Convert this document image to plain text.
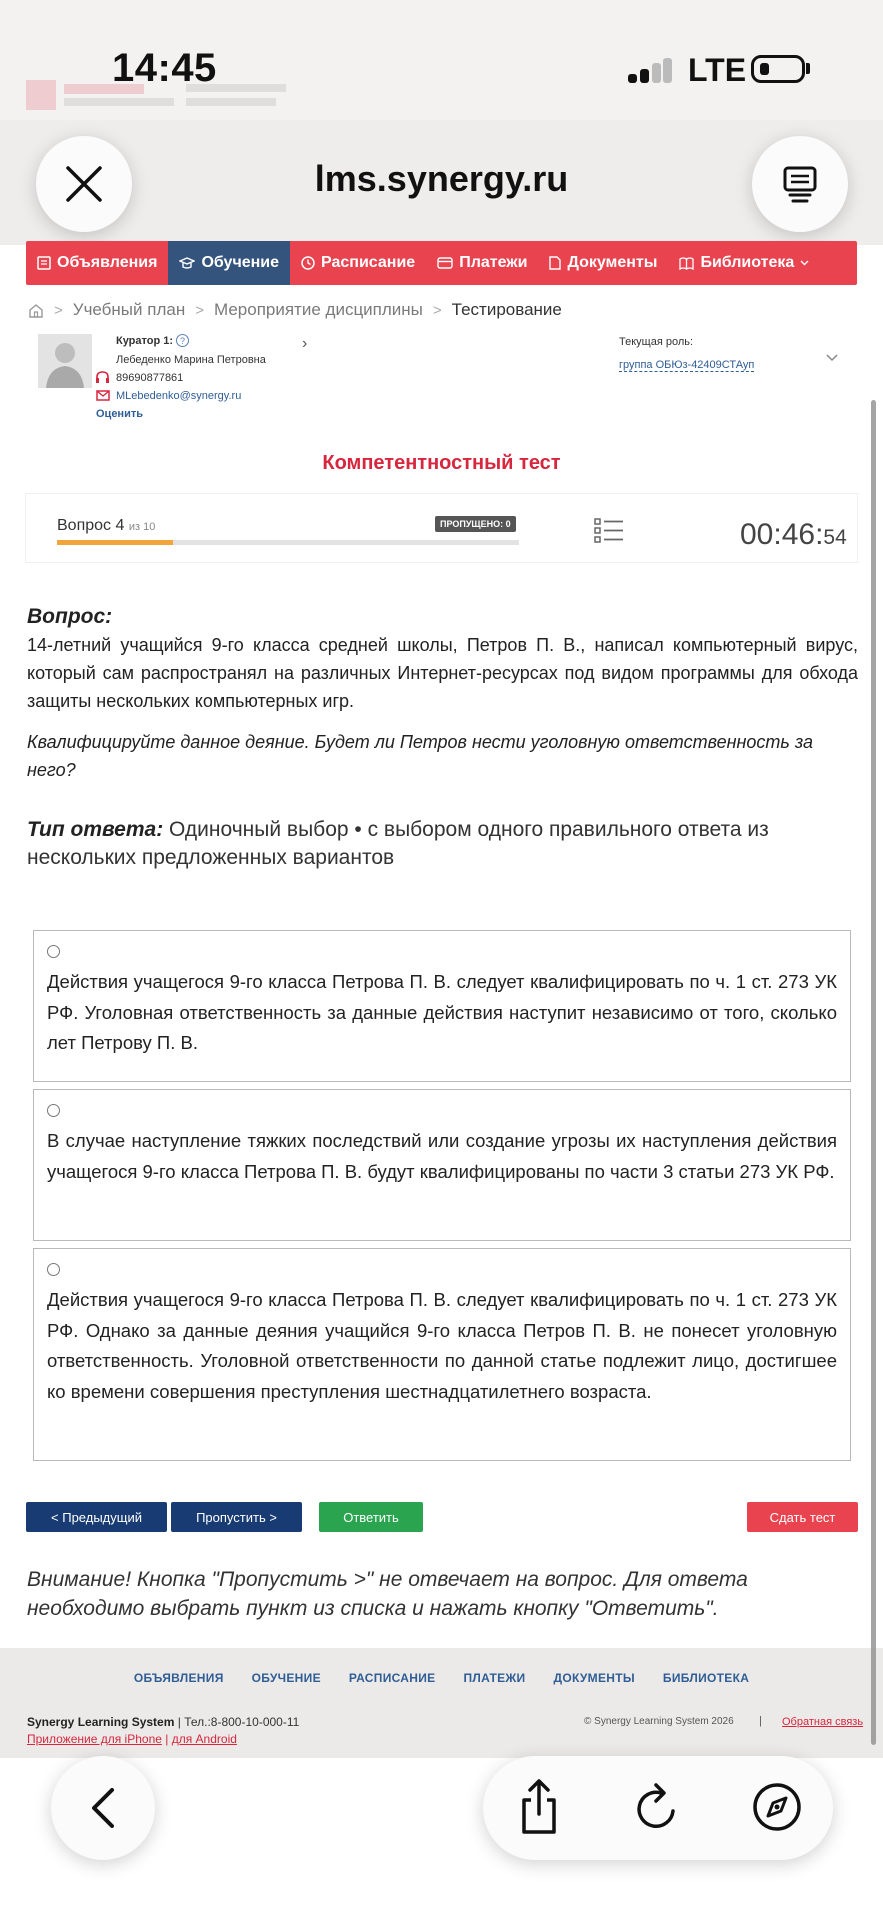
14:45	LTE
lms.synergy.ru
Объявления	Обучение	Расписание	Платежи	Документы	Библиотека
> Учебный план > Мероприятие дисциплины > Тестирование
Куратор 1: ?	›
Лебеденко Марина Петровна
89690877861
MLebedenko@synergy.ru
Оценить
Текущая роль:
группа ОБЮз-42409СТАуп
Компетентностный тест
Вопрос 4 из 10	ПРОПУЩЕНО: 0	00:46:54
Вопрос:
14-летний учащийся 9-го класса средней школы, Петров П. В., написал компьютерный вирус, который сам распространял на различных Интернет-ресурсах под видом программы для обхода защиты нескольких компьютерных игр.
Квалифицируйте данное деяние. Будет ли Петров нести уголовную ответственность за него?
Тип ответа: Одиночный выбор • с выбором одного правильного ответа из нескольких предложенных вариантов
Действия учащегося 9-го класса Петрова П. В. следует квалифицировать по ч. 1 ст. 273 УК РФ. Уголовная ответственность за данные действия наступит независимо от того, сколько лет Петрову П. В.
В случае наступление тяжких последствий или создание угрозы их наступления действия учащегося 9-го класса Петрова П. В. будут квалифицированы по части 3 статьи 273 УК РФ.
Действия учащегося 9-го класса Петрова П. В. следует квалифицировать по ч. 1 ст. 273 УК РФ. Однако за данные деяния учащийся 9-го класса Петров П. В. не понесет уголовную ответственность. Уголовной ответственности по данной статье подлежит лицо, достигшее ко времени совершения преступления шестнадцатилетнего возраста.
< Предыдущий	Пропустить >	Ответить	Сдать тест
Внимание! Кнопка "Пропустить >" не отвечает на вопрос. Для ответа необходимо выбрать пункт из списка и нажать кнопку "Ответить".
ОБЪЯВЛЕНИЯ ОБУЧЕНИЕ РАСПИСАНИЕ ПЛАТЕЖИ ДОКУМЕНТЫ БИБЛИОТЕКА
Synergy Learning System | Тел.:8-800-10-000-11
Приложение для iPhone | для Android
© Synergy Learning System 2026 | Обратная связь
